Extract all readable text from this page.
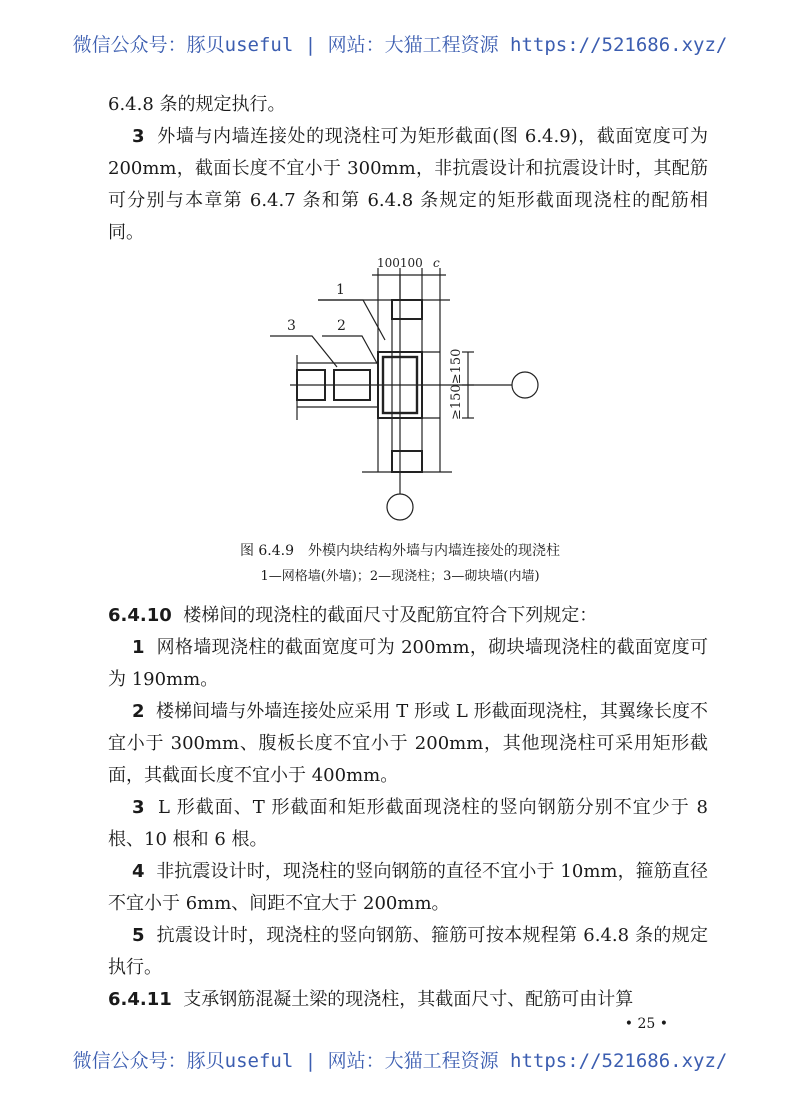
微信公众号：豚贝useful | 网站：大猫工程资源 https://521686.xyz/

6.4.8 条的规定执行。

3 外墙与内墙连接处的现浇柱可为矩形截面(图 6.4.9)，截面宽度可为 200mm，截面长度不宜小于 300mm，非抗震设计和抗震设计时，其配筋可分别与本章第 6.4.7 条和第 6.4.8 条规定的矩形截面现浇柱的配筋相同。

100100 c
≥150≥150
1
2
3
图 6.4.9　外模内块结构外墙与内墙连接处的现浇柱
1—网格墙(外墙)；2—现浇柱；3—砌块墙(内墙)

6.4.10 楼梯间的现浇柱的截面尺寸及配筋宜符合下列规定：

1 网格墙现浇柱的截面宽度可为 200mm，砌块墙现浇柱的截面宽度可为 190mm。

2 楼梯间墙与外墙连接处应采用 T 形或 L 形截面现浇柱，其翼缘长度不宜小于 300mm、腹板长度不宜小于 200mm，其他现浇柱可采用矩形截面，其截面长度不宜小于 400mm。

3 L 形截面、T 形截面和矩形截面现浇柱的竖向钢筋分别不宜少于 8 根、10 根和 6 根。

4 非抗震设计时，现浇柱的竖向钢筋的直径不宜小于 10mm，箍筋直径不宜小于 6mm、间距不宜大于 200mm。

5 抗震设计时，现浇柱的竖向钢筋、箍筋可按本规程第 6.4.8 条的规定执行。

6.4.11 支承钢筋混凝土梁的现浇柱，其截面尺寸、配筋可由计算

• 25 •
微信公众号：豚贝useful | 网站：大猫工程资源 https://521686.xyz/
